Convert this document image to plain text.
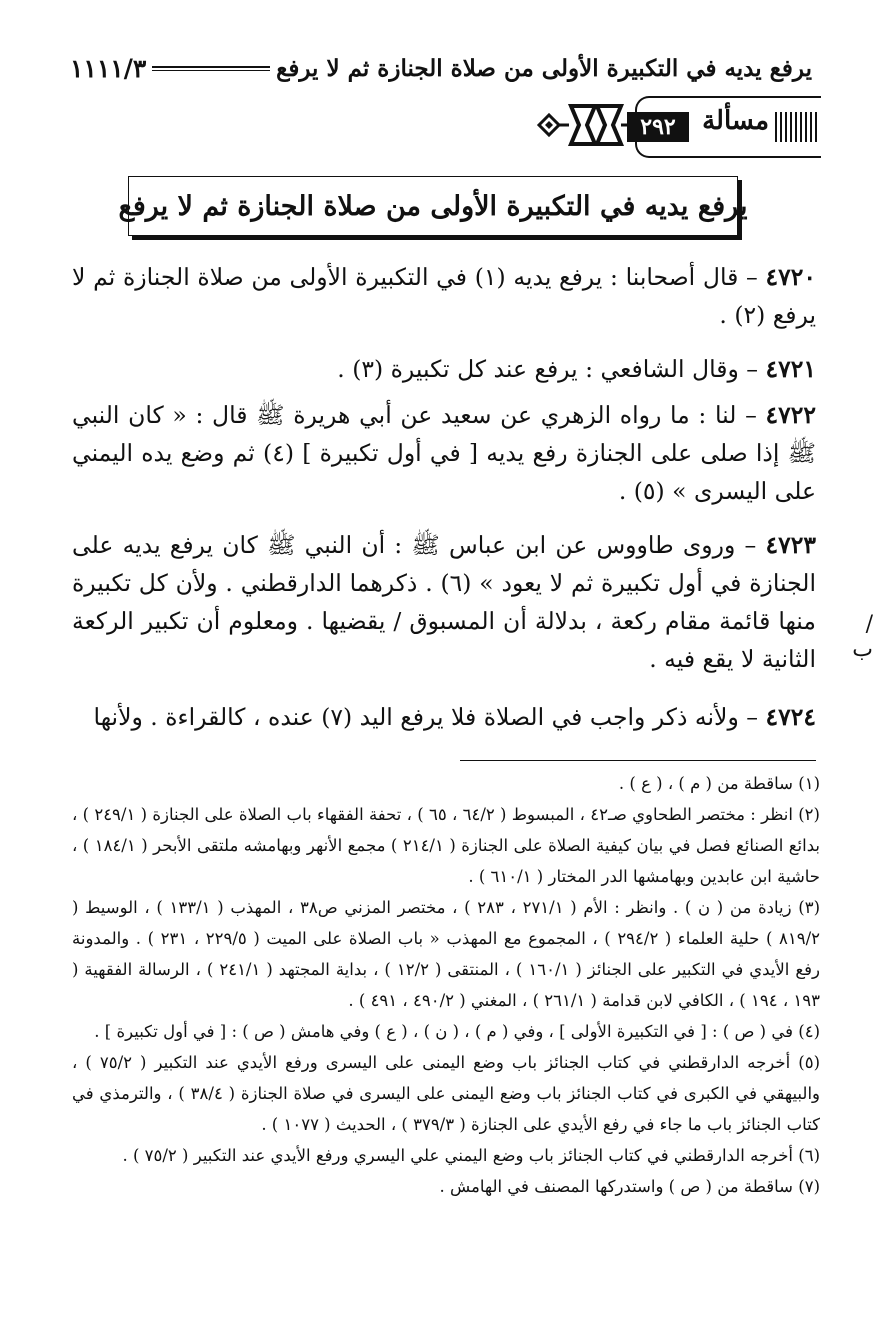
يرفع يديه في التكبيرة الأولى من صلاة الجنازة ثم لا يرفع
١١١١/٣
مسألة
٢٩٢
يرفع يديه في التكبيرة الأولى من صلاة الجنازة ثم لا يرفع
٤٧٢٠ – قال أصحابنا : يرفع يديه (١) في التكبيرة الأولى من صلاة الجنازة ثم لا يرفع (٢) .
٤٧٢١ – وقال الشافعي : يرفع عند كل تكبيرة (٣) .
٤٧٢٢ – لنا : ما رواه الزهري عن سعيد عن أبي هريرة ﷺ قال : « كان النبي ﷺ إذا صلى على الجنازة رفع يديه [ في أول تكبيرة ] (٤) ثم وضع يده اليمني على اليسرى » (٥) .
٤٧٢٣ – وروى طاووس عن ابن عباس ﷺ : أن النبي ﷺ كان يرفع يديه على الجنازة في أول تكبيرة ثم لا يعود » (٦) . ذكرهما الدارقطني . ولأن كل تكبيرة منها قائمة مقام ركعة ، بدلالة أن المسبوق / يقضيها . ومعلوم أن تكبير الركعة الثانية لا يقع فيه .
٤٧٢٤ – ولأنه ذكر واجب في الصلاة فلا يرفع اليد (٧) عنده ، كالقراءة . ولأنها
/ب

(١) ساقطة من ( م ) ، ( ع ) .

(٢) انظر : مختصر الطحاوي صـ٤٢ ، المبسوط ( ٦٤/٢ ، ٦٥ ) ، تحفة الفقهاء باب الصلاة على الجنازة ( ٢٤٩/١ ) ، بدائع الصنائع فصل في بيان كيفية الصلاة على الجنازة ( ٢١٤/١ ) مجمع الأنهر وبهامشه ملتقى الأبحر ( ١٨٤/١ ) ، حاشية ابن عابدين وبهامشها الدر المختار ( ٦١٠/١ ) .

(٣) زيادة من ( ن ) . وانظر : الأم ( ٢٧١/١ ، ٢٨٣ ) ، مختصر المزني ص٣٨ ، المهذب ( ١٣٣/١ ) ، الوسيط ( ٨١٩/٢ ) حلية العلماء ( ٢٩٤/٢ ) ، المجموع مع المهذب « باب الصلاة على الميت ( ٢٢٩/٥ ، ٢٣١ ) . والمدونة رفع الأيدي في التكبير على الجنائز ( ١٦٠/١ ) ، المنتقى ( ١٢/٢ ) ، بداية المجتهد ( ٢٤١/١ ) ، الرسالة الفقهية ( ١٩٣ ، ١٩٤ ) ، الكافي لابن قدامة ( ٢٦١/١ ) ، المغني ( ٤٩٠/٢ ، ٤٩١ ) .

(٤) في ( ص ) : [ في التكبيرة الأولى ] ، وفي ( م ) ، ( ن ) ، ( ع ) وفي هامش ( ص ) : [ في أول تكبيرة ] .

(٥) أخرجه الدارقطني في كتاب الجنائز باب وضع اليمنى على اليسرى ورفع الأيدي عند التكبير ( ٧٥/٢ ) ، والبيهقي في الكبرى في كتاب الجنائز باب وضع اليمنى على اليسرى في صلاة الجنازة ( ٣٨/٤ ) ، والترمذي في كتاب الجنائز باب ما جاء في رفع الأيدي على الجنازة ( ٣٧٩/٣ ) ، الحديث ( ١٠٧٧ ) .

(٦) أخرجه الدارقطني في كتاب الجنائز باب وضع اليمني علي اليسري ورفع الأيدي عند التكبير ( ٧٥/٢ ) .

(٧) ساقطة من ( ص ) واستدركها المصنف في الهامش .
